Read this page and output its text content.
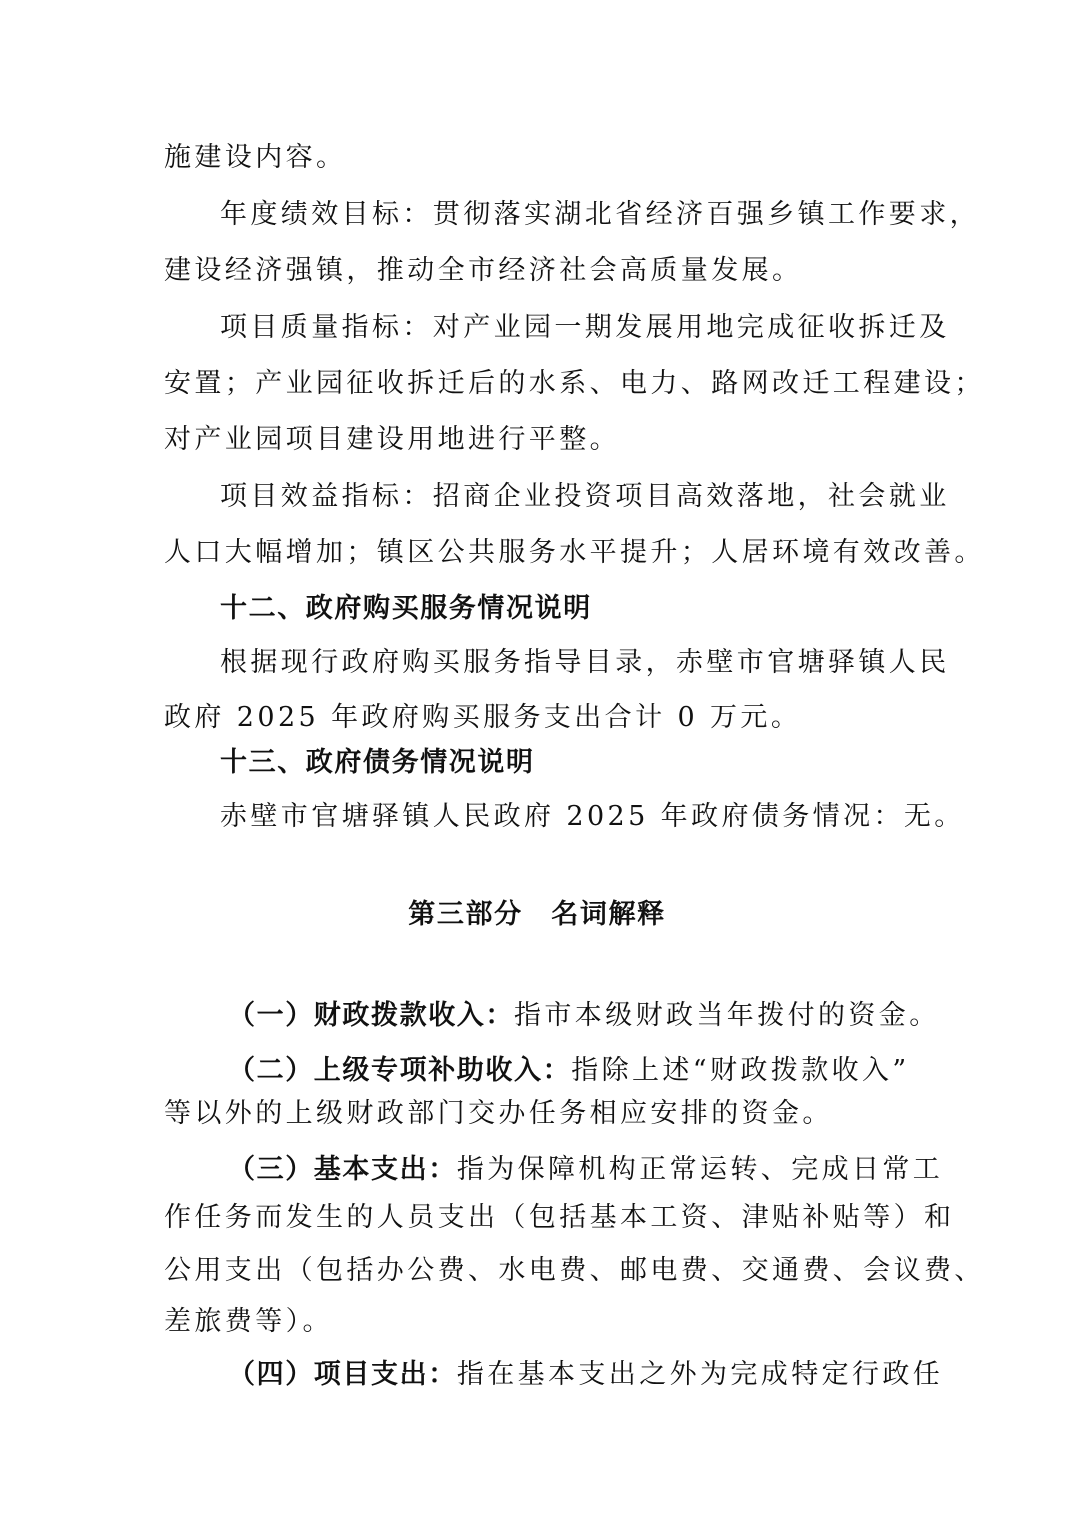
施建设内容。
年度绩效目标：贯彻落实湖北省经济百强乡镇工作要求，
建设经济强镇，推动全市经济社会高质量发展。
项目质量指标：对产业园一期发展用地完成征收拆迁及
安置；产业园征收拆迁后的水系、电力、路网改迁工程建设；
对产业园项目建设用地进行平整。
项目效益指标：招商企业投资项目高效落地，社会就业
人口大幅增加；镇区公共服务水平提升；人居环境有效改善。
十二、政府购买服务情况说明
根据现行政府购买服务指导目录，赤壁市官塘驿镇人民
政府 2025 年政府购买服务支出合计 0 万元。
十三、政府债务情况说明
赤壁市官塘驿镇人民政府 2025 年政府债务情况：无。
第三部分　名词解释
（一）财政拨款收入：指市本级财政当年拨付的资金。
（二）上级专项补助收入：指除上述“财政拨款收入”
等以外的上级财政部门交办任务相应安排的资金。
（三）基本支出：指为保障机构正常运转、完成日常工
作任务而发生的人员支出（包括基本工资、津贴补贴等）和
公用支出（包括办公费、水电费、邮电费、交通费、会议费、
差旅费等）。
（四）项目支出：指在基本支出之外为完成特定行政任
